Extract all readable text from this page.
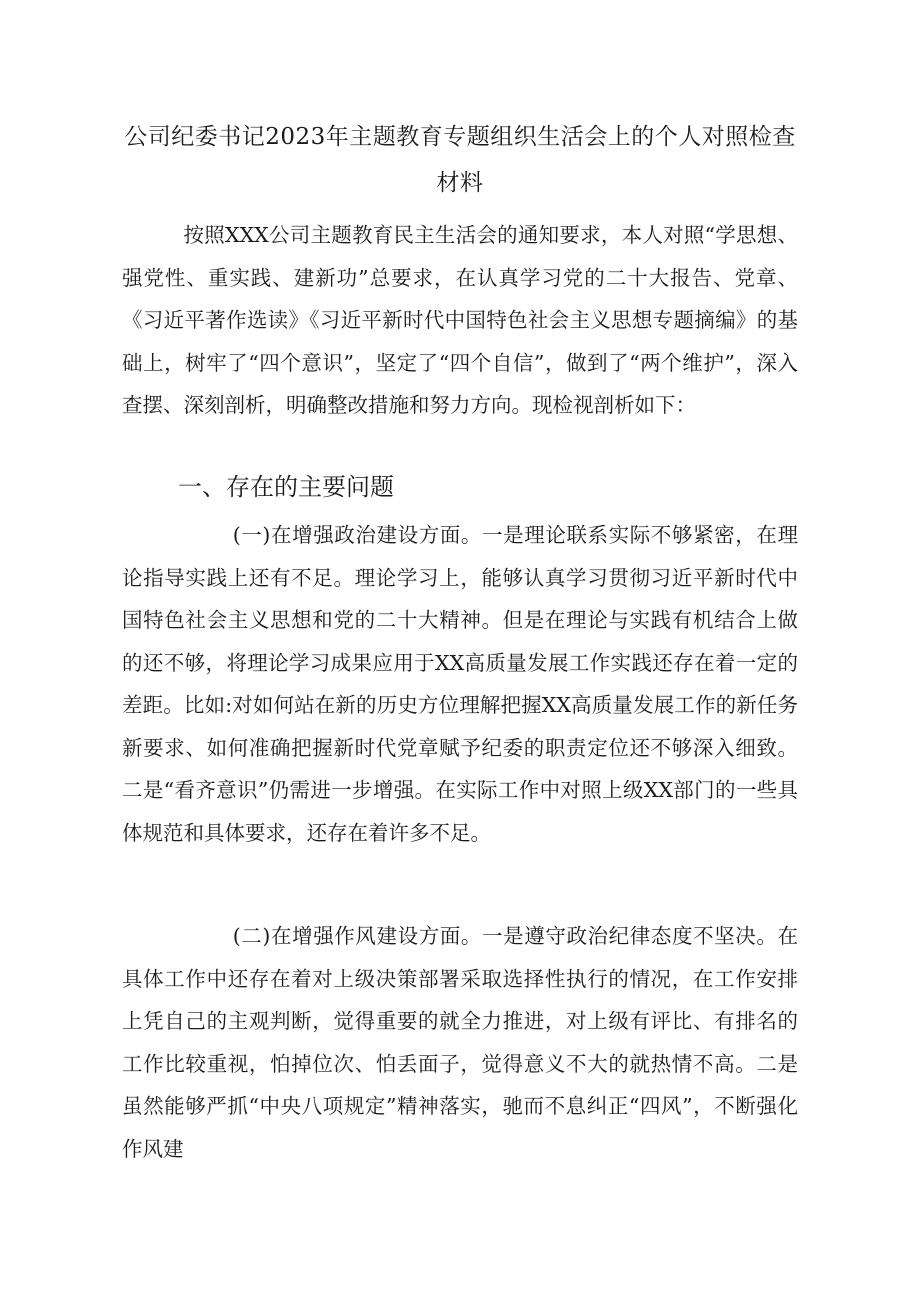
公司纪委书记2023年主题教育专题组织生活会上的个人对照检查材料

按照XXX公司主题教育民主生活会的通知要求，本人对照“学思想、强党性、重实践、建新功”总要求，在认真学习党的二十大报告、党章、《习近平著作选读》《习近平新时代中国特色社会主义思想专题摘编》的基础上，树牢了“四个意识”，坚定了“四个自信”，做到了“两个维护”，深入查摆、深刻剖析，明确整改措施和努力方向。现检视剖析如下：

一、存在的主要问题

(一)在增强政治建设方面。一是理论联系实际不够紧密，在理论指导实践上还有不足。理论学习上，能够认真学习贯彻习近平新时代中国特色社会主义思想和党的二十大精神。但是在理论与实践有机结合上做的还不够，将理论学习成果应用于XX高质量发展工作实践还存在着一定的差距。比如:对如何站在新的历史方位理解把握XX高质量发展工作的新任务新要求、如何准确把握新时代党章赋予纪委的职责定位还不够深入细致。二是“看齐意识”仍需进一步增强。在实际工作中对照上级XX部门的一些具体规范和具体要求，还存在着许多不足。

(二)在增强作风建设方面。一是遵守政治纪律态度不坚决。在具体工作中还存在着对上级决策部署采取选择性执行的情况，在工作安排上凭自己的主观判断，觉得重要的就全力推进，对上级有评比、有排名的工作比较重视，怕掉位次、怕丢面子，觉得意义不大的就热情不高。二是虽然能够严抓“中央八项规定”精神落实，驰而不息纠正“四风”，不断强化作风建
